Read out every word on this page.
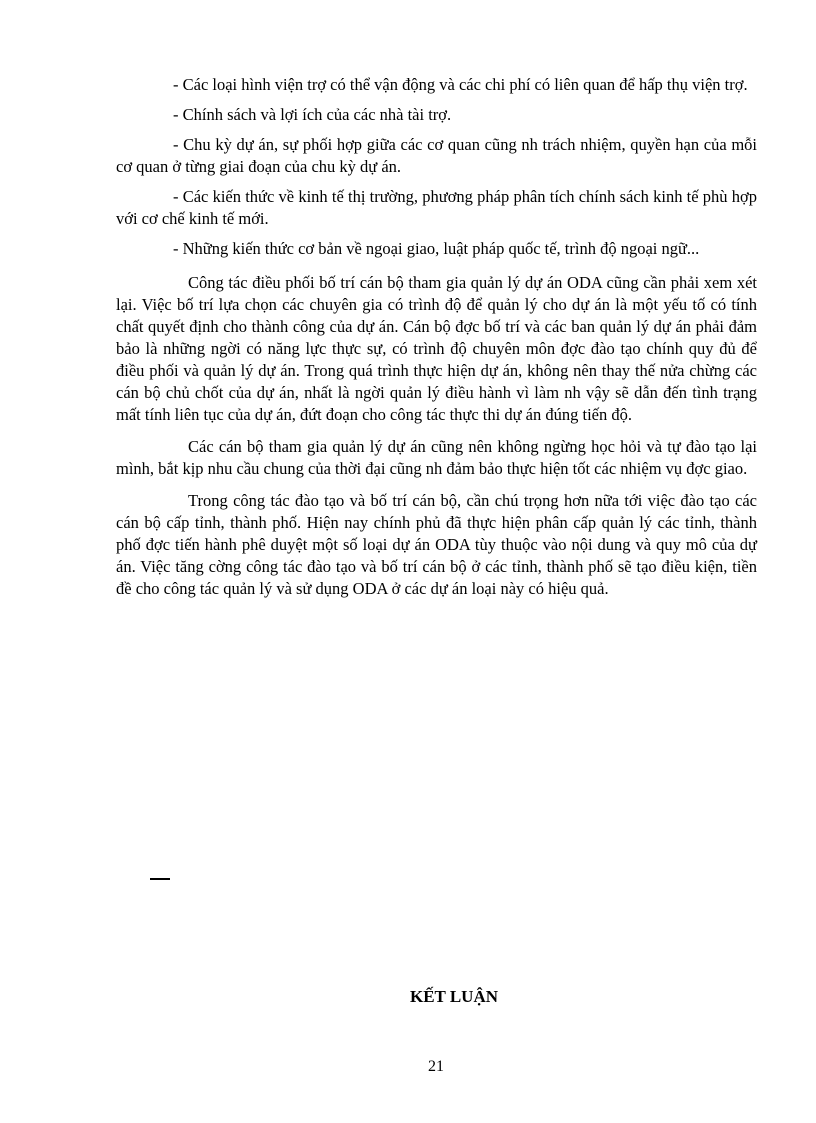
- Các loại hình viện trợ có thể vận động và các chi phí có liên quan để hấp thụ viện trợ.

- Chính sách và lợi ích của các nhà tài trợ.

- Chu kỳ dự án, sự phối hợp giữa các cơ quan cũng nh trách nhiệm, quyền hạn của mỗi cơ quan ở từng giai đoạn của chu kỳ dự án.

- Các kiến thức về kinh tế thị trường, phương pháp phân tích chính sách kinh tế phù hợp với cơ chế kinh tế mới.

- Những kiến thức cơ bản về ngoại giao, luật pháp quốc tế, trình độ ngoại ngữ...

Công tác điều phối bố trí cán bộ tham gia quản lý dự án ODA cũng cần phải xem xét lại. Việc bố trí lựa chọn các chuyên gia có trình độ để quản lý cho dự án là một yếu tố có tính chất quyết định cho thành công của dự án. Cán bộ đợc bố trí và các ban quản lý dự án phải đảm bảo là những ngời có năng lực thực sự, có trình độ chuyên môn đợc đào tạo chính quy đủ để điều phối và quản lý dự án. Trong quá trình thực hiện dự án, không nên thay thế nửa chừng các cán bộ chủ chốt của dự án, nhất là ngời quản lý điều hành vì làm nh vậy sẽ dẫn đến tình trạng mất tính liên tục của dự án, đứt đoạn cho công tác thực thi dự án đúng tiến độ.

Các cán bộ tham gia quản lý dự án cũng nên không ngừng học hỏi và tự đào tạo lại mình, bắt kịp nhu cầu chung của thời đại cũng nh đảm bảo thực hiện tốt các nhiệm vụ đợc giao.

Trong công tác đào tạo và bố trí cán bộ, cần chú trọng hơn nữa tới việc đào tạo các cán bộ cấp tỉnh, thành phố. Hiện nay chính phủ đã thực hiện phân cấp quản lý các tỉnh, thành phố đợc tiến hành phê duyệt một số loại dự án ODA tùy thuộc vào nội dung và quy mô của dự án. Việc tăng cờng công tác đào tạo và bố trí cán bộ ở các tỉnh, thành phố sẽ tạo điều kiện, tiền đề cho công tác quản lý và sử dụng ODA ở các dự án loại này có hiệu quả.

KẾT LUẬN
21
